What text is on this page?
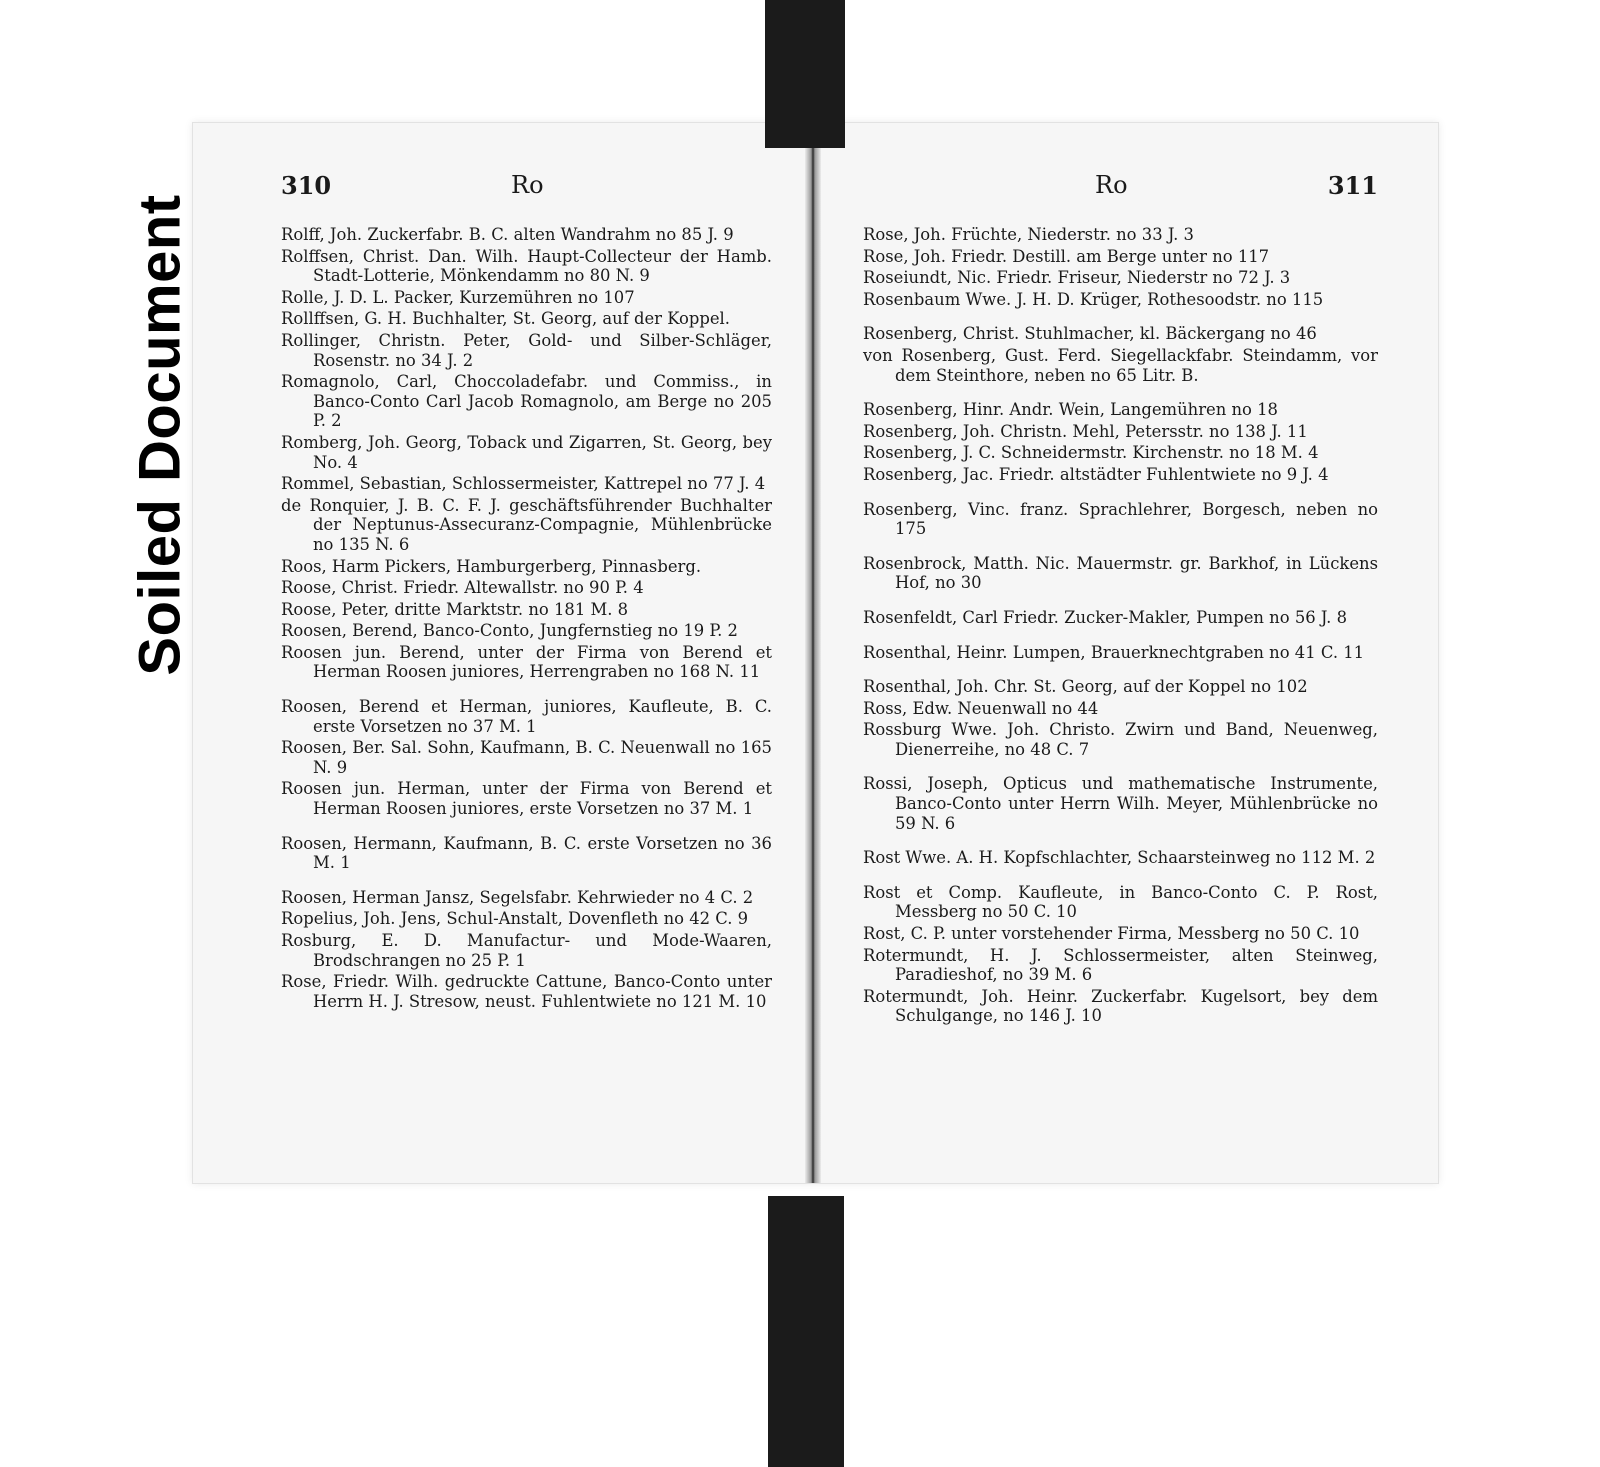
Soiled Document
310	Ro
Rolff, Joh. Zuckerfabr. B. C. alten Wandrahm no 85 J. 9
Rolffsen, Christ. Dan. Wilh. Haupt-Collecteur der Hamb. Stadt-Lotterie, Mönkendamm no 80 N. 9
Rolle, J. D. L. Packer, Kurzemühren no 107
Rollffsen, G. H. Buchhalter, St. Georg, auf der Koppel.
Rollinger, Christn. Peter, Gold- und Silber-Schläger, Rosenstr. no 34 J. 2
Romagnolo, Carl, Choccoladefabr. und Commiss., in Banco-Conto Carl Jacob Romagnolo, am Berge no 205 P. 2
Romberg, Joh. Georg, Toback und Zigarren, St. Georg, bey No. 4
Rommel, Sebastian, Schlossermeister, Kattrepel no 77 J. 4
de Ronquier, J. B. C. F. J. geschäftsführender Buchhalter der Neptunus-Assecuranz-Compagnie, Mühlenbrücke no 135 N. 6
Roos, Harm Pickers, Hamburgerberg, Pinnasberg.
Roose, Christ. Friedr. Altewallstr. no 90 P. 4
Roose, Peter, dritte Marktstr. no 181 M. 8
Roosen, Berend, Banco-Conto, Jungfernstieg no 19 P. 2
Roosen jun. Berend, unter der Firma von Berend et Herman Roosen juniores, Herrengraben no 168 N. 11
Roosen, Berend et Herman, juniores, Kaufleute, B. C. erste Vorsetzen no 37 M. 1
Roosen, Ber. Sal. Sohn, Kaufmann, B. C. Neuenwall no 165 N. 9
Roosen jun. Herman, unter der Firma von Berend et Herman Roosen juniores, erste Vorsetzen no 37 M. 1
Roosen, Hermann, Kaufmann, B. C. erste Vorsetzen no 36 M. 1
Roosen, Herman Jansz, Segelsfabr. Kehrwieder no 4 C. 2
Ropelius, Joh. Jens, Schul-Anstalt, Dovenfleth no 42 C. 9
Rosburg, E. D. Manufactur- und Mode-Waaren, Brodschrangen no 25 P. 1
Rose, Friedr. Wilh. gedruckte Cattune, Banco-Conto unter Herrn H. J. Stresow, neust. Fuhlentwiete no 121 M. 10
Ro	311
Rose, Joh. Früchte, Niederstr. no 33 J. 3
Rose, Joh. Friedr. Destill. am Berge unter no 117
Roseiundt, Nic. Friedr. Friseur, Niederstr no 72 J. 3
Rosenbaum Wwe. J. H. D. Krüger, Rothesoodstr. no 115
Rosenberg, Christ. Stuhlmacher, kl. Bäckergang no 46
von Rosenberg, Gust. Ferd. Siegellackfabr. Steindamm, vor dem Steinthore, neben no 65 Litr. B.
Rosenberg, Hinr. Andr. Wein, Langemühren no 18
Rosenberg, Joh. Christn. Mehl, Petersstr. no 138 J. 11
Rosenberg, J. C. Schneidermstr. Kirchenstr. no 18 M. 4
Rosenberg, Jac. Friedr. altstädter Fuhlentwiete no 9 J. 4
Rosenberg, Vinc. franz. Sprachlehrer, Borgesch, neben no 175
Rosenbrock, Matth. Nic. Mauermstr. gr. Barkhof, in Lückens Hof, no 30
Rosenfeldt, Carl Friedr. Zucker-Makler, Pumpen no 56 J. 8
Rosenthal, Heinr. Lumpen, Brauerknechtgraben no 41 C. 11
Rosenthal, Joh. Chr. St. Georg, auf der Koppel no 102
Ross, Edw. Neuenwall no 44
Rossburg Wwe. Joh. Christo. Zwirn und Band, Neuenweg, Dienerreihe, no 48 C. 7
Rossi, Joseph, Opticus und mathematische Instrumente, Banco-Conto unter Herrn Wilh. Meyer, Mühlenbrücke no 59 N. 6
Rost Wwe. A. H. Kopfschlachter, Schaarsteinweg no 112 M. 2
Rost et Comp. Kaufleute, in Banco-Conto C. P. Rost, Messberg no 50 C. 10
Rost, C. P. unter vorstehender Firma, Messberg no 50 C. 10
Rotermundt, H. J. Schlossermeister, alten Steinweg, Paradieshof, no 39 M. 6
Rotermundt, Joh. Heinr. Zuckerfabr. Kugelsort, bey dem Schulgange, no 146 J. 10
